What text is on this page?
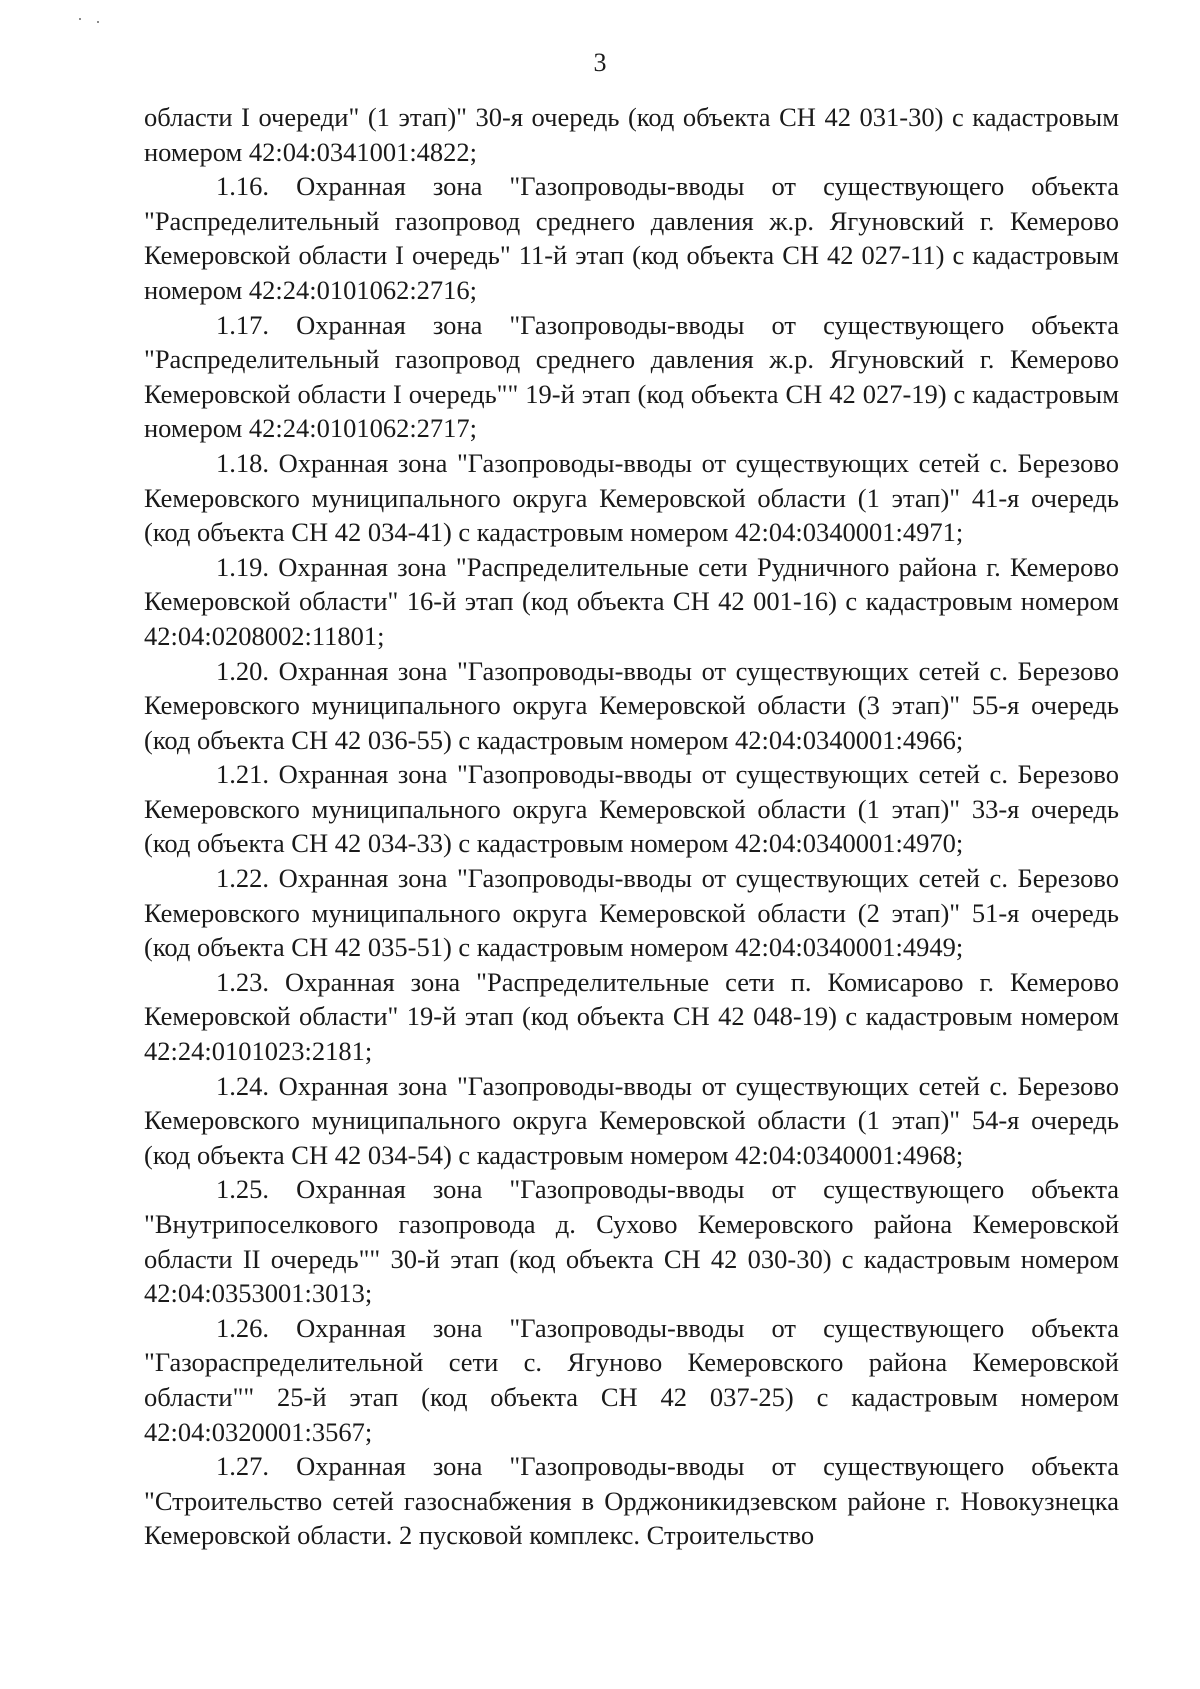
3

области I очереди" (1 этап)" 30-я очередь (код объекта СН 42 031-30) с кадастровым номером 42:04:0341001:4822;

1.16. Охранная зона "Газопроводы-вводы от существующего объекта "Распределительный газопровод среднего давления ж.р. Ягуновский г. Кемерово Кемеровской области I очередь" 11-й этап (код объекта СН 42 027-11) с кадастровым номером 42:24:0101062:2716;

1.17. Охранная зона "Газопроводы-вводы от существующего объекта "Распределительный газопровод среднего давления ж.р. Ягуновский г. Кемерово Кемеровской области I очередь"" 19-й этап (код объекта СН 42 027-19) с кадастровым номером 42:24:0101062:2717;

1.18. Охранная зона "Газопроводы-вводы от существующих сетей с. Березово Кемеровского муниципального округа Кемеровской области (1 этап)" 41-я очередь (код объекта СН 42 034-41) с кадастровым номером 42:04:0340001:4971;

1.19. Охранная зона "Распределительные сети Рудничного района г. Кемерово Кемеровской области" 16-й этап (код объекта СН 42 001-16) с кадастровым номером 42:04:0208002:11801;

1.20. Охранная зона "Газопроводы-вводы от существующих сетей с. Березово Кемеровского муниципального округа Кемеровской области (3 этап)" 55-я очередь (код объекта СН 42 036-55) с кадастровым номером 42:04:0340001:4966;

1.21. Охранная зона "Газопроводы-вводы от существующих сетей с. Березово Кемеровского муниципального округа Кемеровской области (1 этап)" 33-я очередь (код объекта СН 42 034-33) с кадастровым номером 42:04:0340001:4970;

1.22. Охранная зона "Газопроводы-вводы от существующих сетей с. Березово Кемеровского муниципального округа Кемеровской области (2 этап)" 51-я очередь (код объекта СН 42 035-51) с кадастровым номером 42:04:0340001:4949;

1.23. Охранная зона "Распределительные сети п. Комисарово г. Кемерово Кемеровской области" 19-й этап (код объекта СН 42 048-19) с кадастровым номером 42:24:0101023:2181;

1.24. Охранная зона "Газопроводы-вводы от существующих сетей с. Березово Кемеровского муниципального округа Кемеровской области (1 этап)" 54-я очередь (код объекта СН 42 034-54) с кадастровым номером 42:04:0340001:4968;

1.25. Охранная зона "Газопроводы-вводы от существующего объекта "Внутрипоселкового газопровода д. Сухово Кемеровского района Кемеровской области II очередь"" 30-й этап (код объекта СН 42 030-30) с кадастровым номером 42:04:0353001:3013;

1.26. Охранная зона "Газопроводы-вводы от существующего объекта "Газораспределительной сети с. Ягуново Кемеровского района Кемеровской области"" 25-й этап (код объекта СН 42 037-25) с кадастровым номером 42:04:0320001:3567;

1.27. Охранная зона "Газопроводы-вводы от существующего объекта "Строительство сетей газоснабжения в Орджоникидзевском районе г. Новокузнецка Кемеровской области. 2 пусковой комплекс. Строительство
